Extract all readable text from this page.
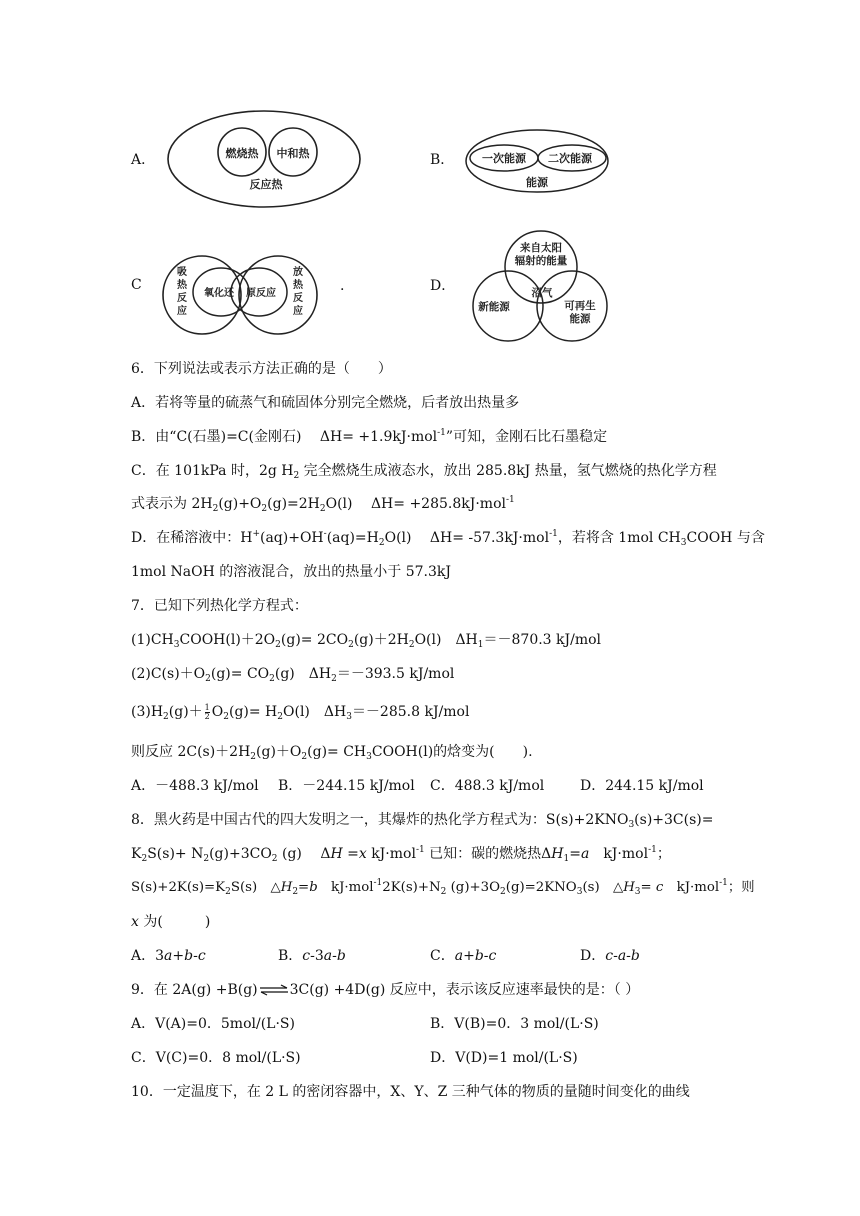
A．	燃烧热 中和热
反应热
B．	一次能源 二次能源
能源
C
吸
热
反
应
放
热
反
应
氧化还 原反应	.	D．
来自太阳
辐射的能量
沼气
新能源	可再生
能源
6．下列说法或表示方法正确的是（　　）
A．若将等量的硫蒸气和硫固体分别完全燃烧，后者放出热量多
B．由“C(石墨)=C(金刚石)　 ΔH= +1.9kJ·mol$^{-1}$”可知，金刚石比石墨稳定
C．在 101kPa 时，2g $H_2$ 完全燃烧生成液态水，放出 285.8kJ 热量，氢气燃烧的热化学方程
式表示为 $2H_2(g)+O_2(g)=2H_2O(l)$　 ΔH= +285.8kJ·mol$^{-1}$
D．在稀溶液中：$H^+(aq)+OH^-(aq)=H_2O(l)$　 ΔH= -57.3kJ·mol$^{-1}$，若将含 1mol $CH_3COOH$ 与含
1mol NaOH 的溶液混合，放出的热量小于 57.3kJ
7．已知下列热化学方程式：
$(1)CH_3COOH(l)+2O_2(g)= 2CO_2(g)+2H_2O(l)$　$\Delta H_1=-870.3$ kJ/mol
$(2)C(s)+O_2(g)= CO_2(g)$　$\Delta H_2=-393.5$ kJ/mol
$(3)H_2(g)+ \frac{1}{2} O_2(g)= H_2O(l)$　$\Delta H_3=-285.8$ kJ/mol
则反应 $2C(s)+2H_2(g)+O_2(g)=$ $CH_3COOH(l)$的焓变为(　　).
A．－488.3 kJ/mol B．－244.15 kJ/mol C．488.3 kJ/mol	D．244.15 kJ/mol
8．黑火药是中国古代的四大发明之一，其爆炸的热化学方程式为：$S(s)+2KNO_3(s)+3C(s)=$
$K_2S(s)+ N_2(g)+3CO_2$ (g)　 ΔH =x kJ·mol$^{-1}$ 已知：碳的燃烧热$\Delta H_1=a$　kJ·mol$^{-1}$；
$S(s)+2K(s)=K_2S(s)$　$\triangle H_2=b$　$kJ\cdot mol^{-1}2K(s)+N_2$ $(g)+3O_2(g)=2KNO_3(s)$　$\triangle H_3= c$　kJ·mol$^{-1}$；则
x 为(　　　)
A．3a+b-c	B．c-3a-b	C．a+b-c	D．c-a-b
9．在 2A(g) +B(g)⇌3C(g) +4D(g) 反应中，表示该反应速率最快的是：（ ）
A．V(A)=0．5mol/(L·S)	B．V(B)=0．3 mol/(L·S)
C．V(C)=0．8 mol/(L·S)	D．V(D)=1 mol/(L·S)
10．一定温度下，在 2 L 的密闭容器中，X、Y、Z 三种气体的物质的量随时间变化的曲线
